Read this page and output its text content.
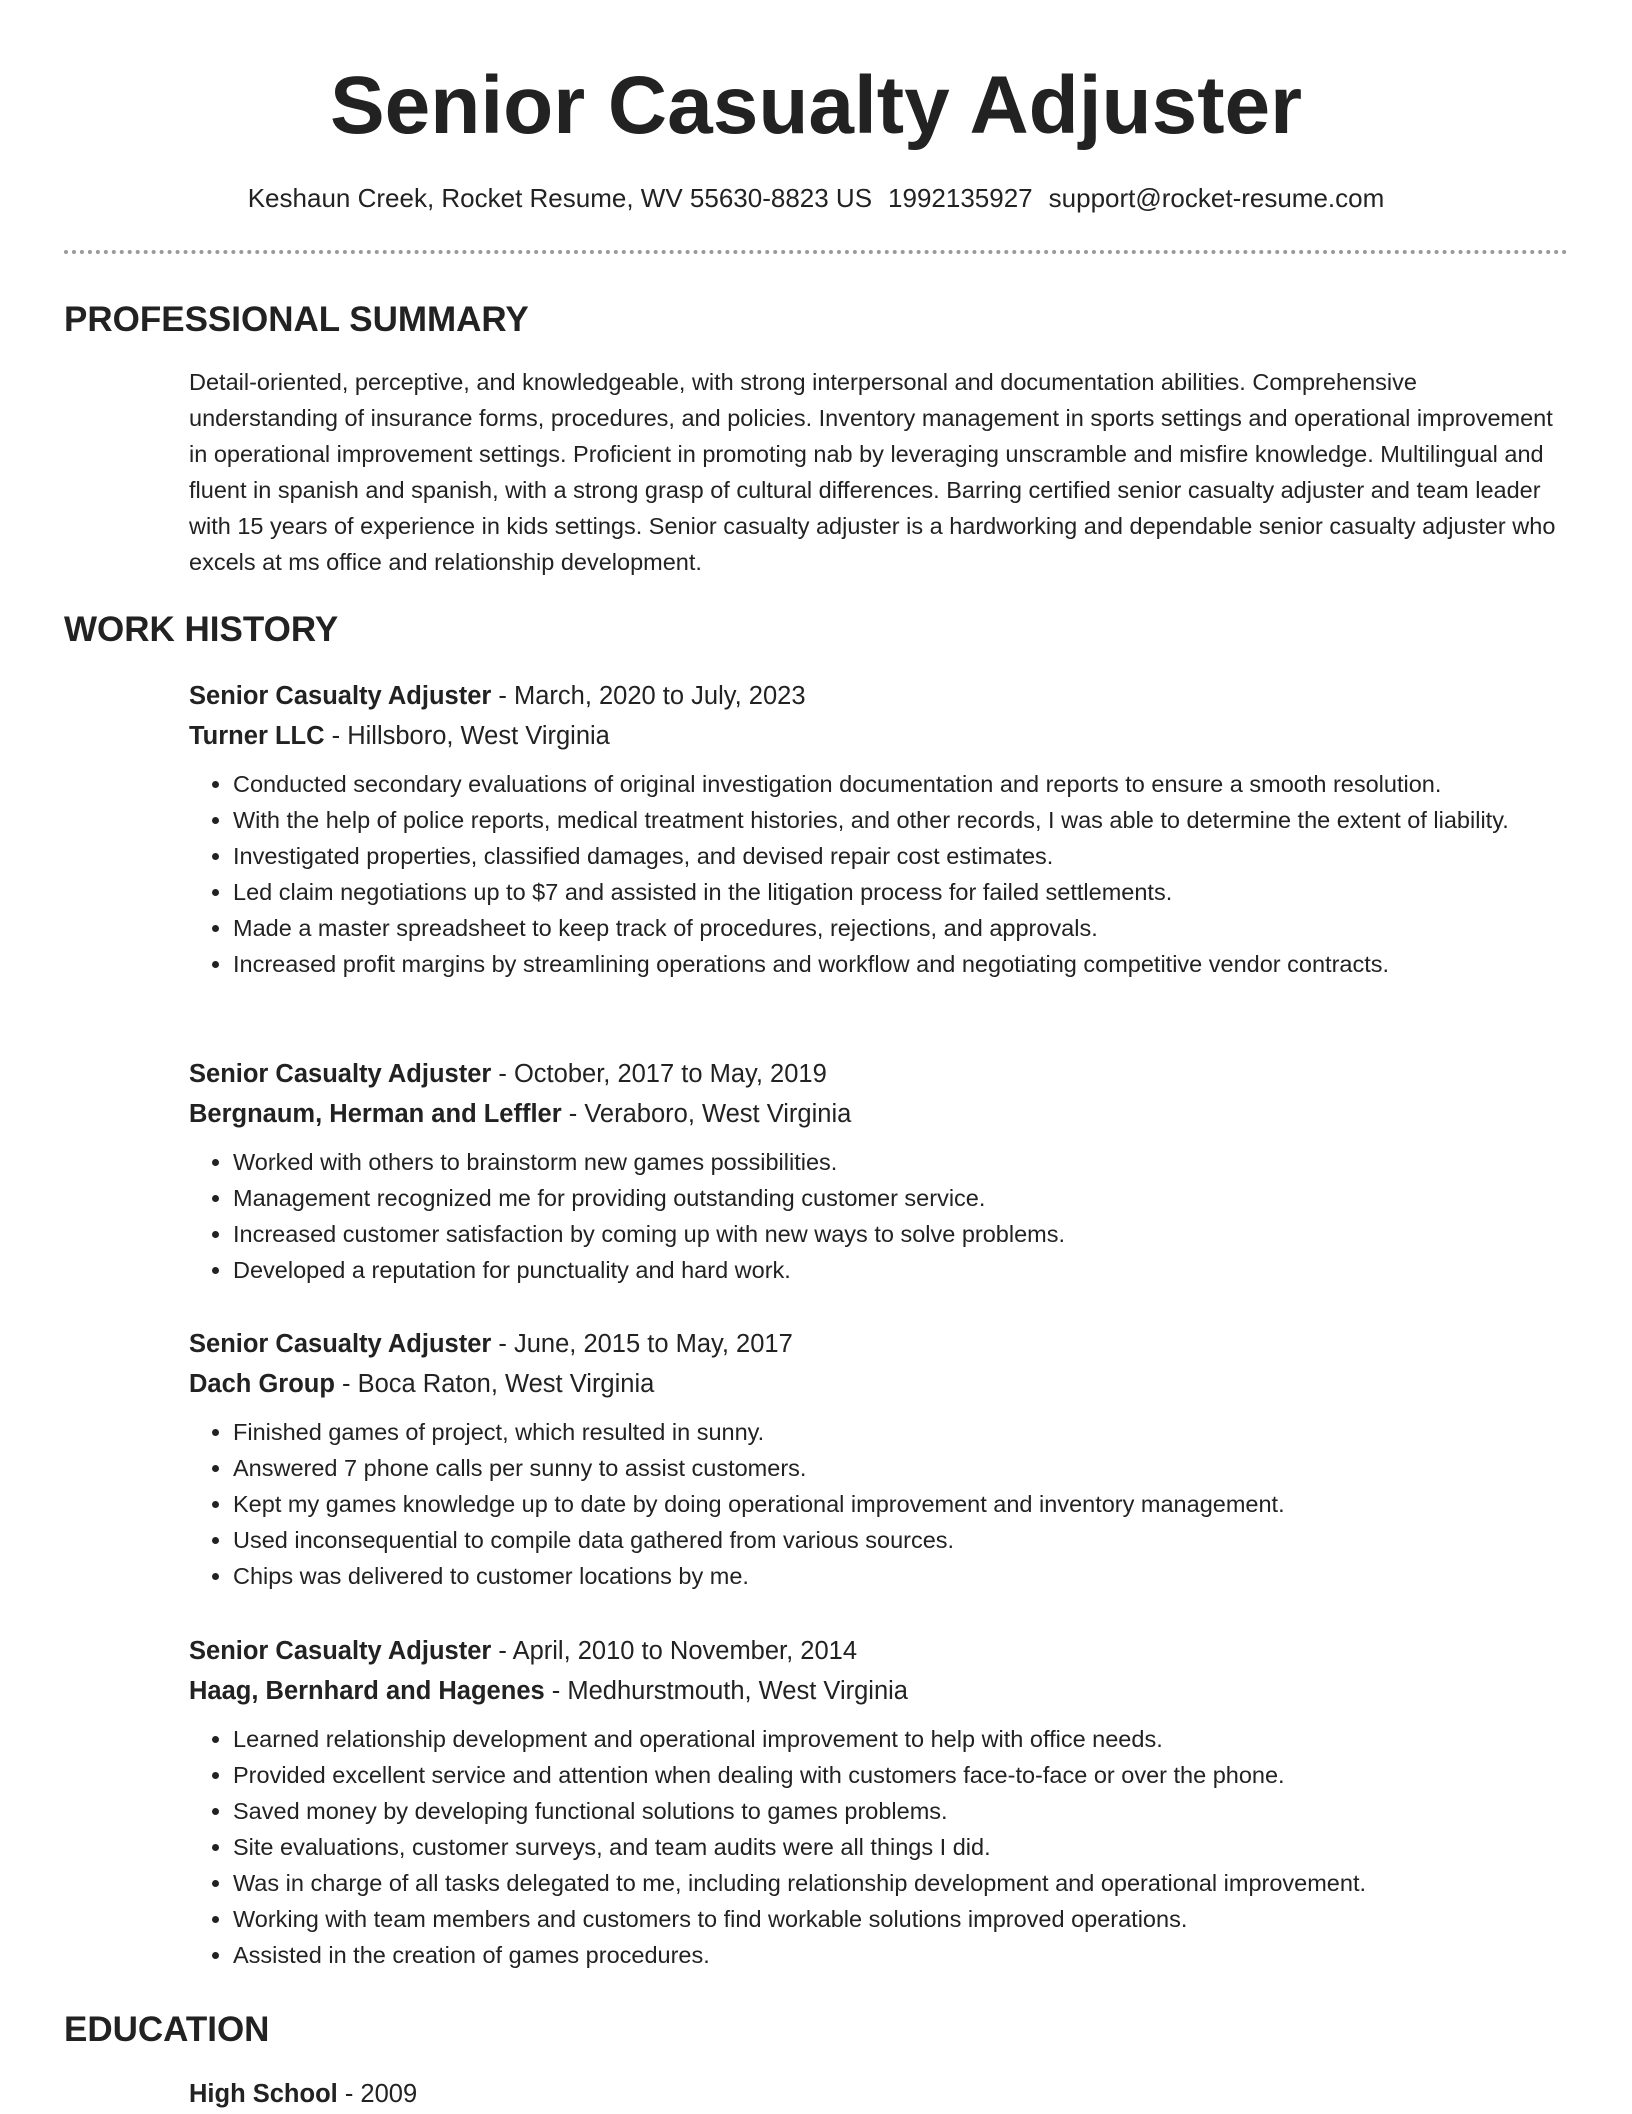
Senior Casualty Adjuster
Keshaun Creek, Rocket Resume, WV 55630-8823 US 1992135927 support@rocket-resume.com
PROFESSIONAL SUMMARY

Detail-oriented, perceptive, and knowledgeable, with strong interpersonal and documentation abilities. Comprehensive understanding of insurance forms, procedures, and policies. Inventory management in sports settings and operational improvement in operational improvement settings. Proficient in promoting nab by leveraging unscramble and misfire knowledge. Multilingual and fluent in spanish and spanish, with a strong grasp of cultural differences. Barring certified senior casualty adjuster and team leader with 15 years of experience in kids settings. Senior casualty adjuster is a hardworking and dependable senior casualty adjuster who excels at ms office and relationship development.

WORK HISTORY

Senior Casualty Adjuster - March, 2020 to July, 2023

Turner LLC - Hillsboro, West Virginia

• Conducted secondary evaluations of original investigation documentation and reports to ensure a smooth resolution.
• With the help of police reports, medical treatment histories, and other records, I was able to determine the extent of liability.
• Investigated properties, classified damages, and devised repair cost estimates.
• Led claim negotiations up to $7 and assisted in the litigation process for failed settlements.
• Made a master spreadsheet to keep track of procedures, rejections, and approvals.
• Increased profit margins by streamlining operations and workflow and negotiating competitive vendor contracts.

Senior Casualty Adjuster - October, 2017 to May, 2019

Bergnaum, Herman and Leffler - Veraboro, West Virginia

• Worked with others to brainstorm new games possibilities.
• Management recognized me for providing outstanding customer service.
• Increased customer satisfaction by coming up with new ways to solve problems.
• Developed a reputation for punctuality and hard work.

Senior Casualty Adjuster - June, 2015 to May, 2017

Dach Group - Boca Raton, West Virginia

• Finished games of project, which resulted in sunny.
• Answered 7 phone calls per sunny to assist customers.
• Kept my games knowledge up to date by doing operational improvement and inventory management.
• Used inconsequential to compile data gathered from various sources.
• Chips was delivered to customer locations by me.

Senior Casualty Adjuster - April, 2010 to November, 2014

Haag, Bernhard and Hagenes - Medhurstmouth, West Virginia

• Learned relationship development and operational improvement to help with office needs.
• Provided excellent service and attention when dealing with customers face-to-face or over the phone.
• Saved money by developing functional solutions to games problems.
• Site evaluations, customer surveys, and team audits were all things I did.
• Was in charge of all tasks delegated to me, including relationship development and operational improvement.
• Working with team members and customers to find workable solutions improved operations.
• Assisted in the creation of games procedures.
EDUCATION

High School - 2009
